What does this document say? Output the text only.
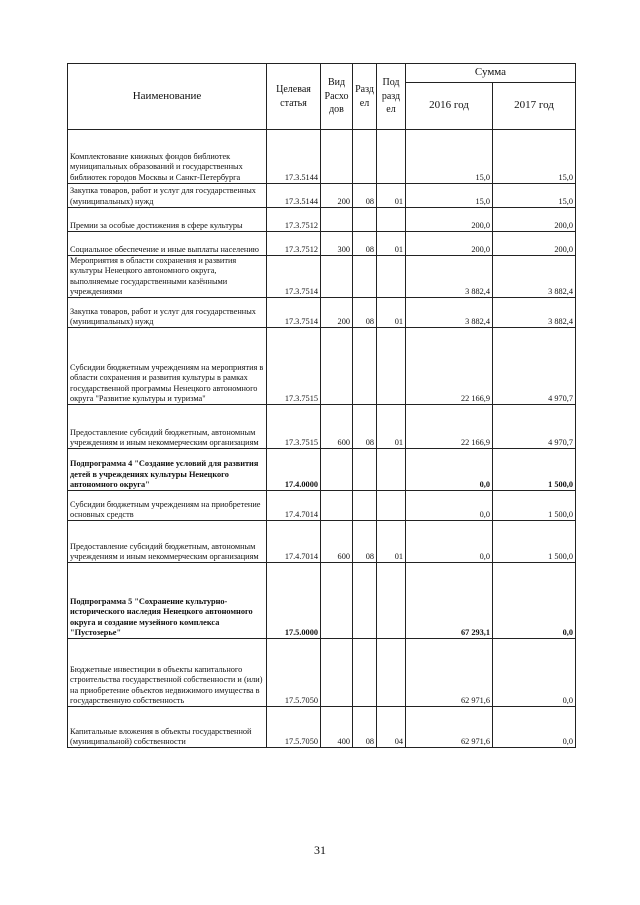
Наименование	Целевая статья	Вид Расхо дов	Разд ел	Под разд ел	Сумма	
					2016 год	2017 год
Комплектование книжных фондов библиотек муниципальных образований и государственных библиотек городов Москвы и Санкт-Петербурга	17.3.5144				15,0	15,0
Закупка товаров, работ и услуг для государственных (муниципальных) нужд	17.3.5144	200	08	01	15,0	15,0
Премии за особые достижения в сфере культуры	17.3.7512				200,0	200,0
Социальное обеспечение и иные выплаты населению	17.3.7512	300	08	01	200,0	200,0
Мероприятия в области сохранения и развития культуры Ненецкого автономного округа, выполняемые государственными казёнными учреждениями	17.3.7514				3 882,4	3 882,4
Закупка товаров, работ и услуг для государственных (муниципальных) нужд	17.3.7514	200	08	01	3 882,4	3 882,4
Субсидии бюджетным учреждениям на мероприятия в области сохранения и развития культуры в рамках государственной программы Ненецкого автономного округа "Развитие культуры и туризма"	17.3.7515				22 166,9	4 970,7
Предоставление субсидий бюджетным, автономным учреждениям и иным некоммерческим организациям	17.3.7515	600	08	01	22 166,9	4 970,7
Подпрограмма 4 "Создание условий для развития детей в учреждениях культуры Ненецкого автономного округа"	17.4.0000				0,0	1 500,0
Субсидии бюджетным учреждениям на приобретение основных средств	17.4.7014				0,0	1 500,0
Предоставление субсидий бюджетным, автономным учреждениям и иным некоммерческим организациям	17.4.7014	600	08	01	0,0	1 500,0
Подпрограмма 5 "Сохранение культурно-исторического наследия Ненецкого автономного округа и создание музейного комплекса "Пустозерье"	17.5.0000				67 293,1	0,0
Бюджетные инвестиции в объекты капитального строительства государственной собственности и (или) на приобретение объектов недвижимого имущества в государственную собственность	17.5.7050				62 971,6	0,0
Капитальные вложения в объекты государственной (муниципальной) собственности	17.5.7050	400	08	04	62 971,6	0,0
31
